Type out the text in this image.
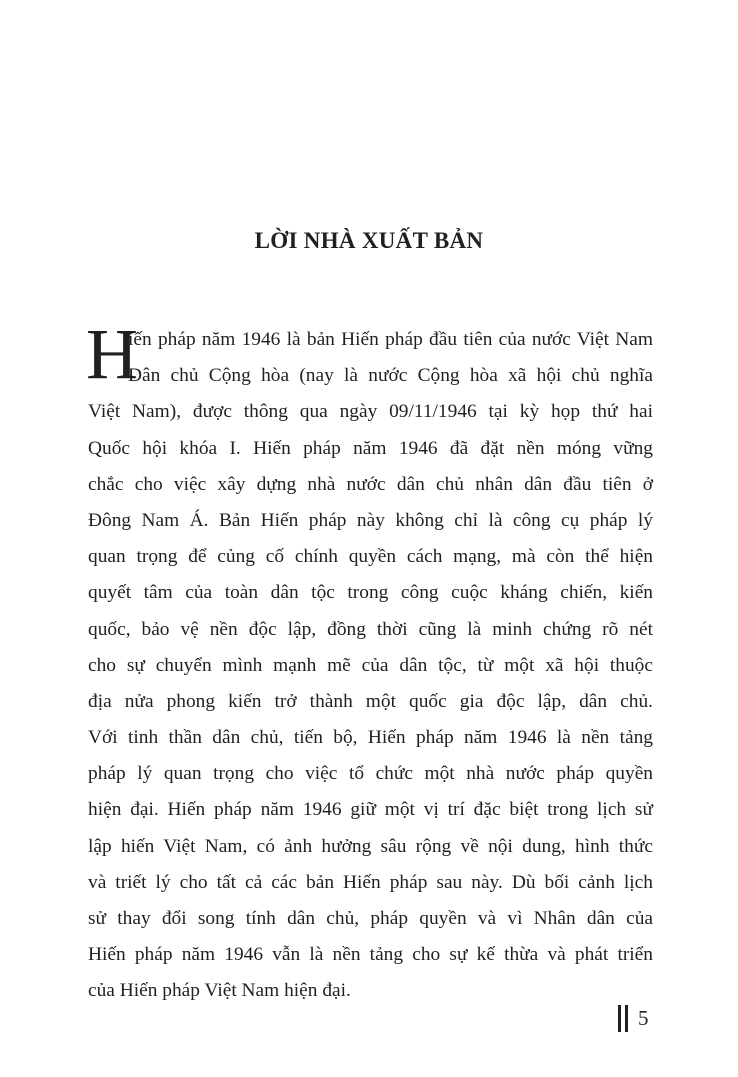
LỜI NHÀ XUẤT BẢN
H
iến pháp năm 1946 là bản Hiến pháp đầu tiên của nước Việt Nam
Dân chủ Cộng hòa (nay là nước Cộng hòa xã hội chủ nghĩa
Việt Nam), được thông qua ngày 09/11/1946 tại kỳ họp thứ hai
Quốc hội khóa I. Hiến pháp năm 1946 đã đặt nền móng vững
chắc cho việc xây dựng nhà nước dân chủ nhân dân đầu tiên ở
Đông Nam Á. Bản Hiến pháp này không chỉ là công cụ pháp lý
quan trọng để củng cố chính quyền cách mạng, mà còn thể hiện
quyết tâm của toàn dân tộc trong công cuộc kháng chiến, kiến
quốc, bảo vệ nền độc lập, đồng thời cũng là minh chứng rõ nét
cho sự chuyển mình mạnh mẽ của dân tộc, từ một xã hội thuộc
địa nửa phong kiến trở thành một quốc gia độc lập, dân chủ.
Với tinh thần dân chủ, tiến bộ, Hiến pháp năm 1946 là nền tảng
pháp lý quan trọng cho việc tổ chức một nhà nước pháp quyền
hiện đại. Hiến pháp năm 1946 giữ một vị trí đặc biệt trong lịch sử
lập hiến Việt Nam, có ảnh hưởng sâu rộng về nội dung, hình thức
và triết lý cho tất cả các bản Hiến pháp sau này. Dù bối cảnh lịch
sử thay đổi song tính dân chủ, pháp quyền và vì Nhân dân của
Hiến pháp năm 1946 vẫn là nền tảng cho sự kế thừa và phát triển
của Hiến pháp Việt Nam hiện đại.
5
